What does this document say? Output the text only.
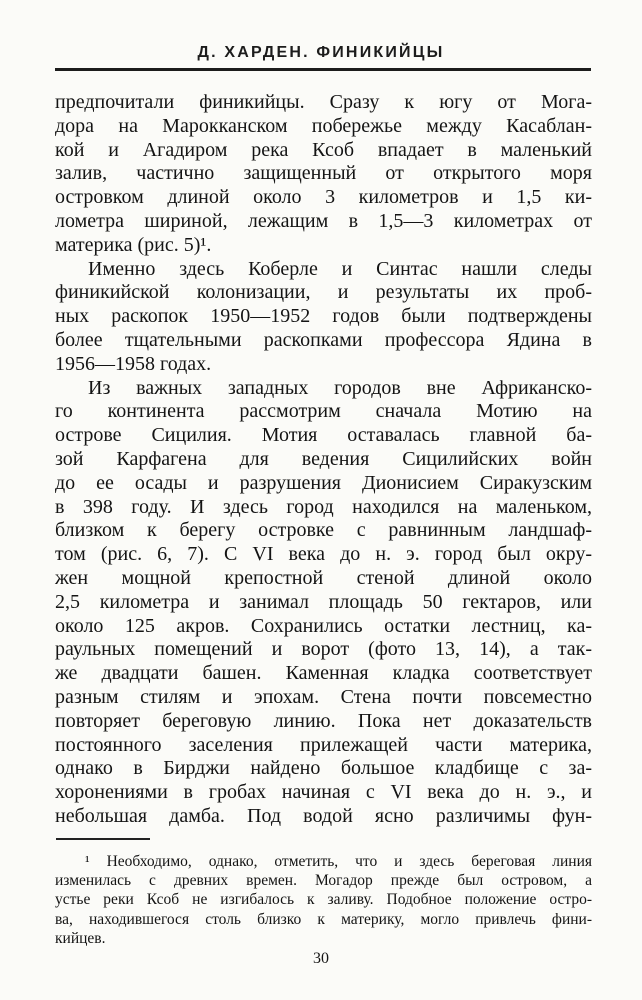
Д. ХАРДЕН. ФИНИКИЙЦЫ
предпочитали финикийцы. Сразу к югу от Мога-
дора на Марокканском побережье между Касаблан-
кой и Агадиром река Ксоб впадает в маленький
залив, частично защищенный от открытого моря
островком длиной около 3 километров и 1,5 ки-
лометра шириной, лежащим в 1,5—3 километрах от
материка (рис. 5)¹.
Именно здесь Коберле и Синтас нашли следы
финикийской колонизации, и результаты их проб-
ных раскопок 1950—1952 годов были подтверждены
более тщательными раскопками профессора Ядина в
1956—1958 годах.
Из важных западных городов вне Африканско-
го континента рассмотрим сначала Мотию на
острове Сицилия. Мотия оставалась главной ба-
зой Карфагена для ведения Сицилийских войн
до ее осады и разрушения Дионисием Сиракузским
в 398 году. И здесь город находился на маленьком,
близком к берегу островке с равнинным ландшаф-
том (рис. 6, 7). С VI века до н. э. город был окру-
жен мощной крепостной стеной длиной около
2,5 километра и занимал площадь 50 гектаров, или
около 125 акров. Сохранились остатки лестниц, ка-
раульных помещений и ворот (фото 13, 14), а так-
же двадцати башен. Каменная кладка соответствует
разным стилям и эпохам. Стена почти повсеместно
повторяет береговую линию. Пока нет доказательств
постоянного заселения прилежащей части материка,
однако в Бирджи найдено большое кладбище с за-
хоронениями в гробах начиная с VI века до н. э., и
небольшая дамба. Под водой ясно различимы фун-
¹ Необходимо, однако, отметить, что и здесь береговая линия
изменилась с древних времен. Могадор прежде был островом, а
устье реки Ксоб не изгибалось к заливу. Подобное положение остро-
ва, находившегося столь близко к материку, могло привлечь фини-
кийцев.
30
